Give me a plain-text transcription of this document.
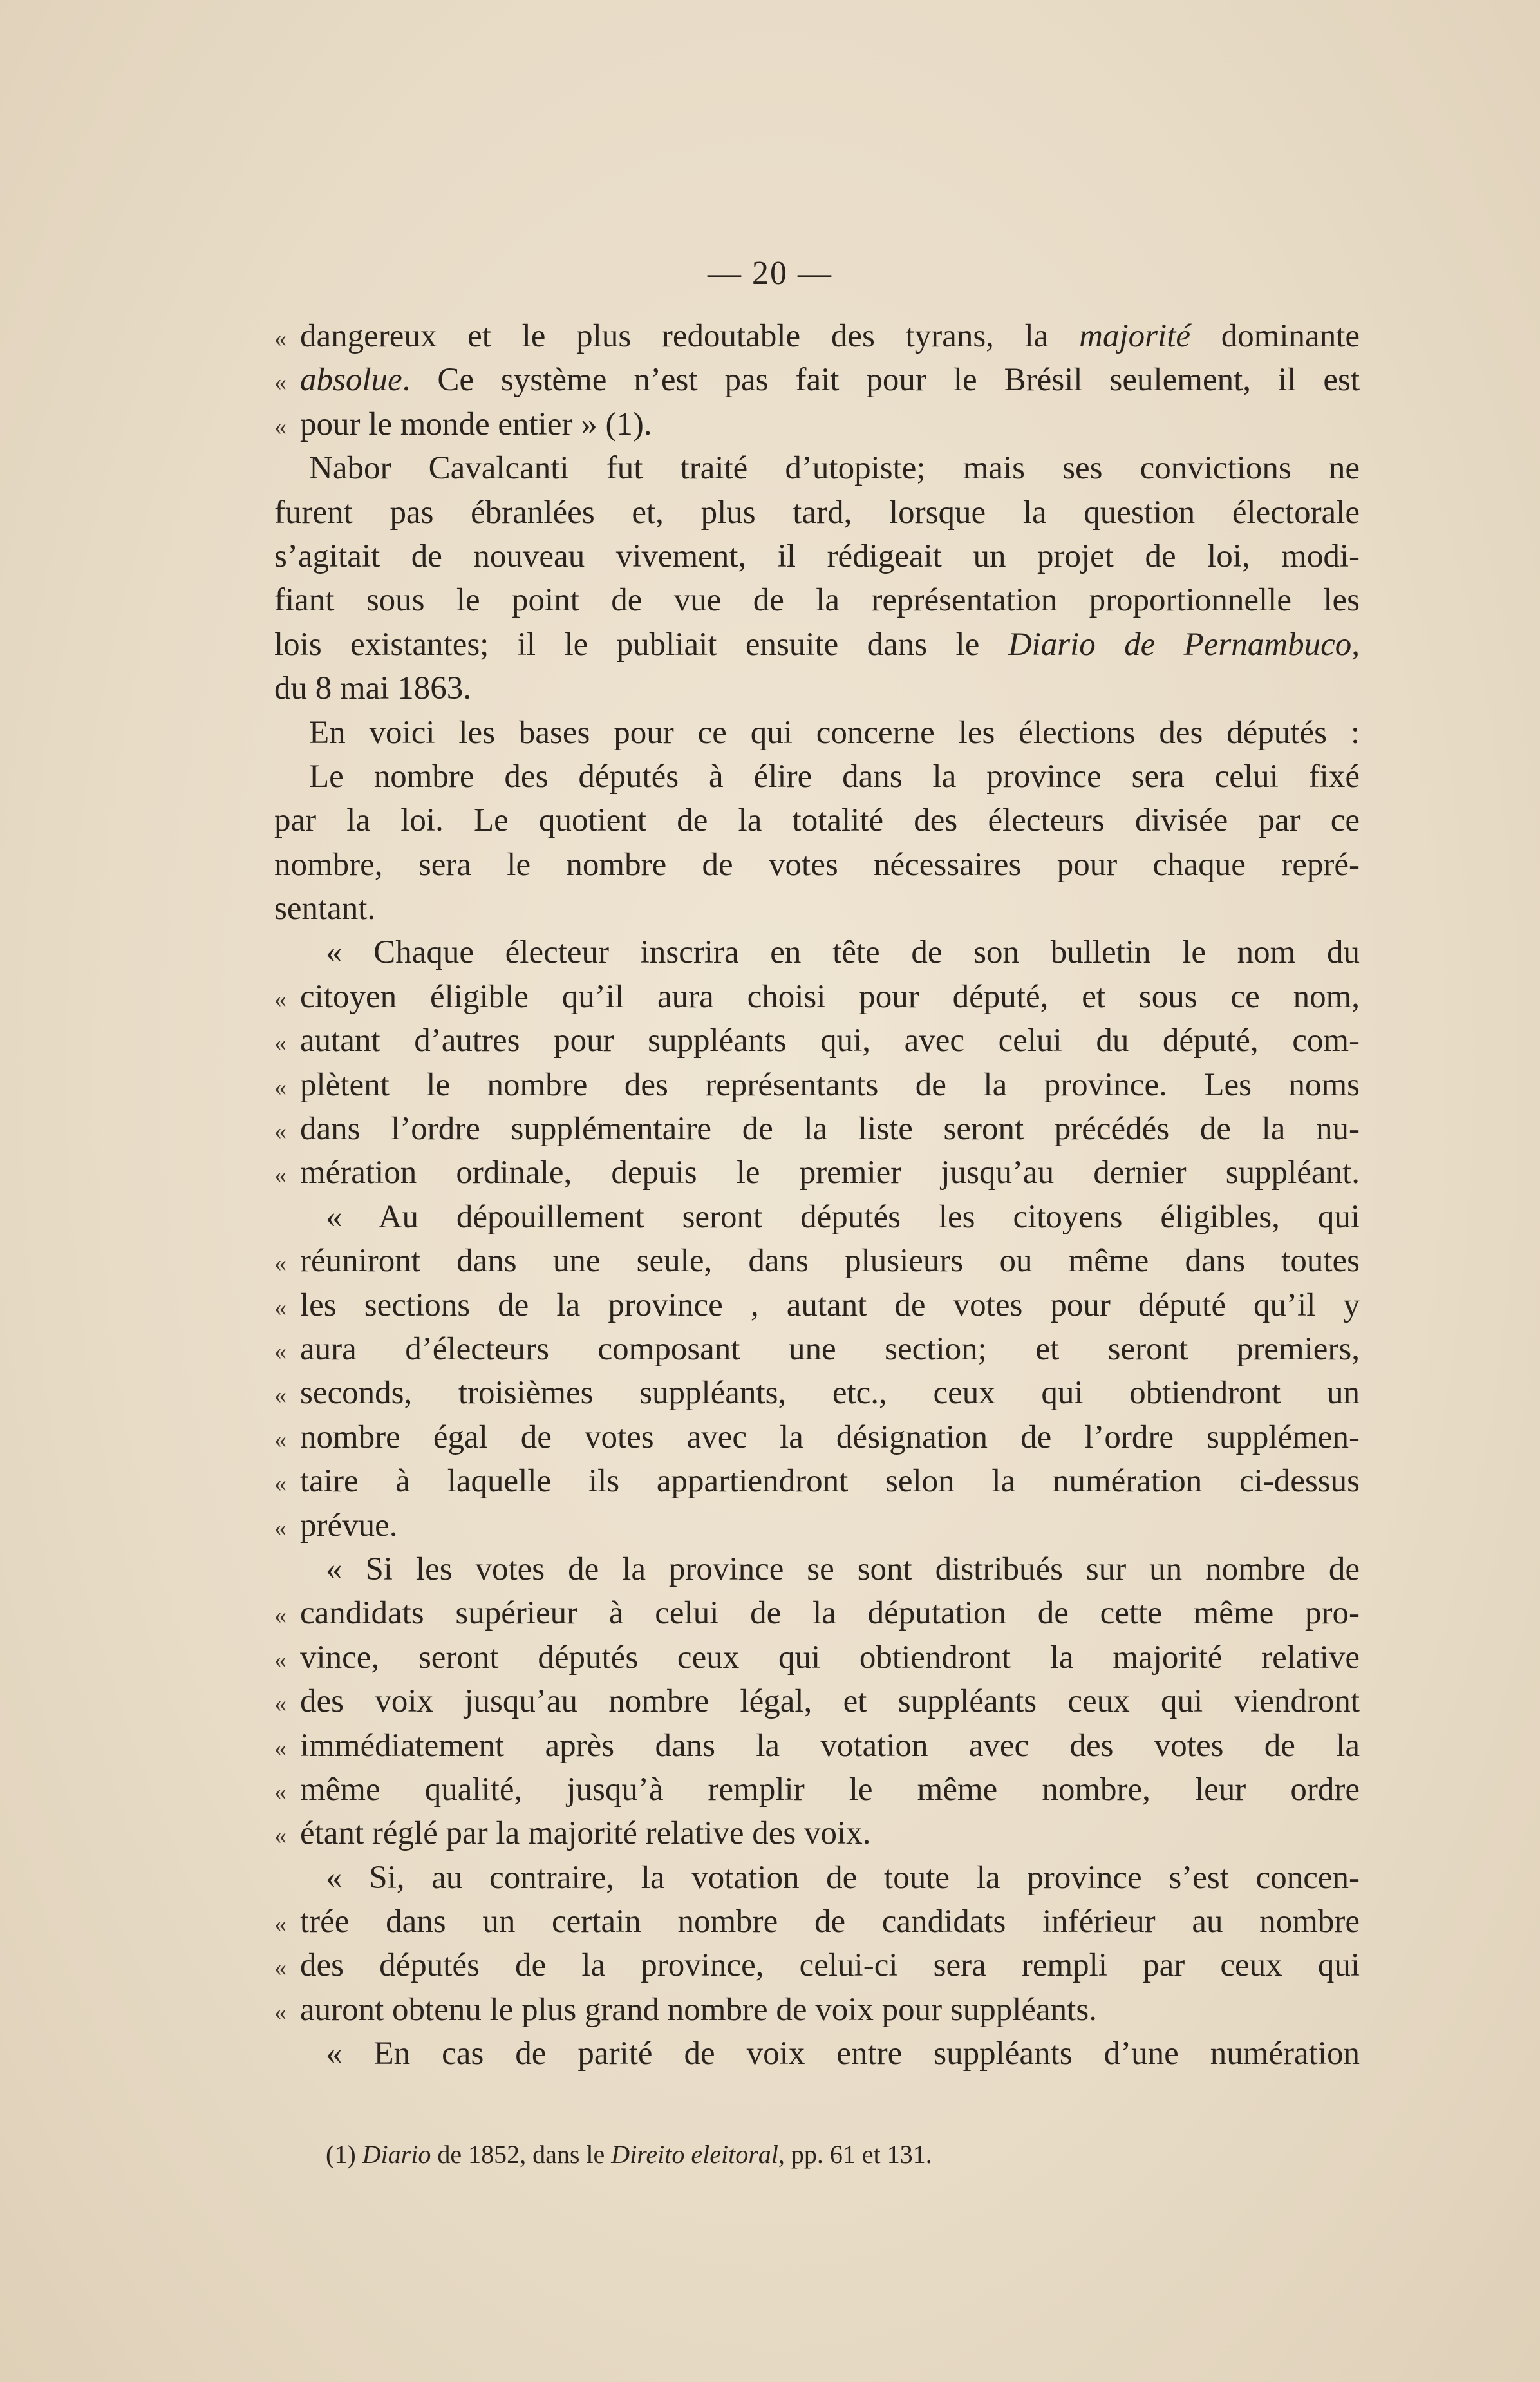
— 20 —
« dangereux et le plus redoutable des tyrans, la majorité dominante
« absolue. Ce système n’est pas fait pour le Brésil seulement, il est
« pour le monde entier » (1).
Nabor Cavalcanti fut traité d’utopiste; mais ses convictions ne
furent pas ébranlées et, plus tard, lorsque la question électorale
s’agitait de nouveau vivement, il rédigeait un projet de loi, modi-
fiant sous le point de vue de la représentation proportionnelle les
lois existantes; il le publiait ensuite dans le Diario de Pernambuco,
du 8 mai 1863.
En voici les bases pour ce qui concerne les élections des députés :
Le nombre des députés à élire dans la province sera celui fixé
par la loi. Le quotient de la totalité des électeurs divisée par ce
nombre, sera le nombre de votes nécessaires pour chaque repré-
sentant.
« Chaque électeur inscrira en tête de son bulletin le nom du
« citoyen éligible qu’il aura choisi pour député, et sous ce nom,
« autant d’autres pour suppléants qui, avec celui du député, com-
« plètent le nombre des représentants de la province. Les noms
« dans l’ordre supplémentaire de la liste seront précédés de la nu-
« mération ordinale, depuis le premier jusqu’au dernier suppléant.
« Au dépouillement seront députés les citoyens éligibles, qui
« réuniront dans une seule, dans plusieurs ou même dans toutes
« les sections de la province , autant de votes pour député qu’il y
« aura d’électeurs composant une section; et seront premiers,
« seconds, troisièmes suppléants, etc., ceux qui obtiendront un
« nombre égal de votes avec la désignation de l’ordre supplémen-
« taire à laquelle ils appartiendront selon la numération ci-dessus
« prévue.
« Si les votes de la province se sont distribués sur un nombre de
« candidats supérieur à celui de la députation de cette même pro-
« vince, seront députés ceux qui obtiendront la majorité relative
« des voix jusqu’au nombre légal, et suppléants ceux qui viendront
« immédiatement après dans la votation avec des votes de la
« même qualité, jusqu’à remplir le même nombre, leur ordre
« étant réglé par la majorité relative des voix.
« Si, au contraire, la votation de toute la province s’est concen-
« trée dans un certain nombre de candidats inférieur au nombre
« des députés de la province, celui-ci sera rempli par ceux qui
« auront obtenu le plus grand nombre de voix pour suppléants.
« En cas de parité de voix entre suppléants d’une numération
(1) Diario de 1852, dans le Direito eleitoral, pp. 61 et 131.
